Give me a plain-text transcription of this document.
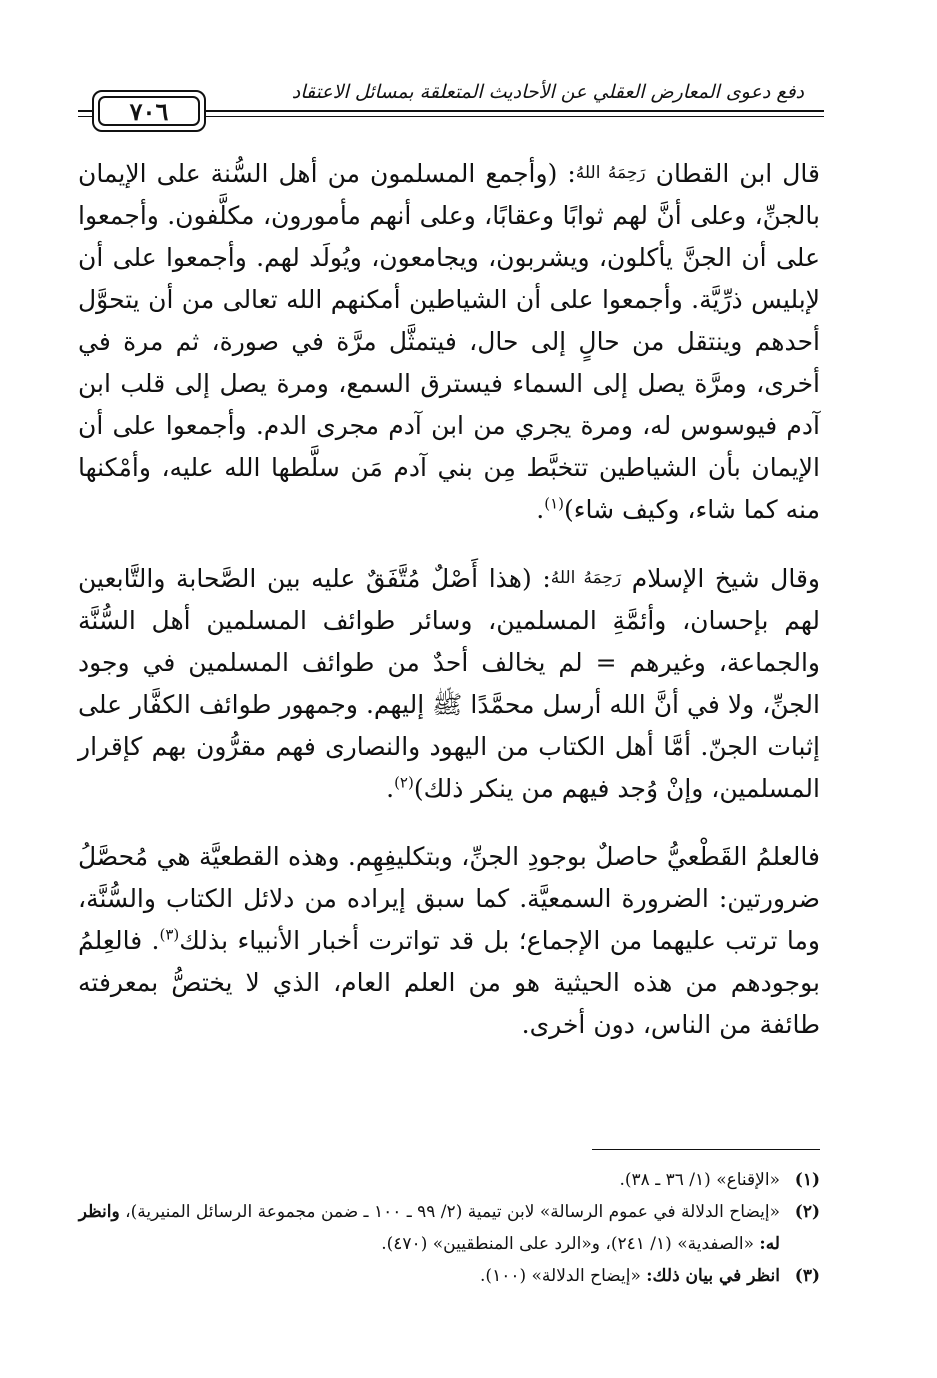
دفع دعوى المعارض العقلي عن الأحاديث المتعلقة بمسائل الاعتقاد
٧٠٦

قال ابن القطان رَحِمَهُ اللهُ: (وأجمع المسلمون من أهل السُّنة على الإيمان بالجنِّ، وعلى أنَّ لهم ثوابًا وعقابًا، وعلى أنهم مأمورون، مكلَّفون. وأجمعوا على أن الجنَّ يأكلون، ويشربون، ويجامعون، ويُولَد لهم. وأجمعوا على أن لإبليس ذرِّيَّة. وأجمعوا على أن الشياطين أمكنهم الله تعالى من أن يتحوَّل أحدهم وينتقل من حالٍ إلى حال، فيتمثَّل مرَّة في صورة، ثم مرة في أخرى، ومرَّة يصل إلى السماء فيسترق السمع، ومرة يصل إلى قلب ابن آدم فيوسوس له، ومرة يجري من ابن آدم مجرى الدم. وأجمعوا على أن الإيمان بأن الشياطين تتخبَّط مِن بني آدم مَن سلَّطها الله عليه، وأمْكنها منه كما شاء، وكيف شاء)$^{(١)}$.

وقال شيخ الإسلام رَحِمَهُ اللهُ: (هذا أَصْلٌ مُتَّفَقٌ عليه بين الصَّحابة والتَّابعين لهم بإحسان، وأئمَّةِ المسلمين، وسائر طوائف المسلمين أهل السُّنَّة والجماعة، وغيرهم = لم يخالف أحدٌ من طوائف المسلمين في وجود الجنِّ، ولا في أنَّ الله أرسل محمَّدًا ﷺ إليهم. وجمهور طوائف الكفَّار على إثبات الجنّ. أمَّا أهل الكتاب من اليهود والنصارى فهم مقرُّون بهم كإقرار المسلمين، وإنْ وُجد فيهم من ينكر ذلك)$^{(٢)}$.

فالعلمُ القَطْعيُّ حاصلٌ بوجودِ الجنِّ، وبتكليفِهِم. وهذه القطعيَّة هي مُحصَّلُ ضرورتين: الضرورة السمعيَّة. كما سبق إيراده من دلائل الكتاب والسُّنَّة، وما ترتب عليهما من الإجماع؛ بل قد تواترت أخبار الأنبياء بذلك$^{(٣)}$. فالعِلمُ بوجودهم من هذه الحيثية هو من العلم العام، الذي لا يختصُّ بمعرفته طائفة من الناس، دون أخرى.

(١)
«الإقناع» (١/ ٣٦ ـ ٣٨).
(٢)
«إيضاح الدلالة في عموم الرسالة» لابن تيمية (٢/ ٩٩ ـ ١٠٠ ـ ضمن مجموعة الرسائل المنيرية)، وانظر له: «الصفدية» (١/ ٢٤١)، و«الرد على المنطقيين» (٤٧٠).
(٣)
انظر في بيان ذلك: «إيضاح الدلالة» (١٠٠).
